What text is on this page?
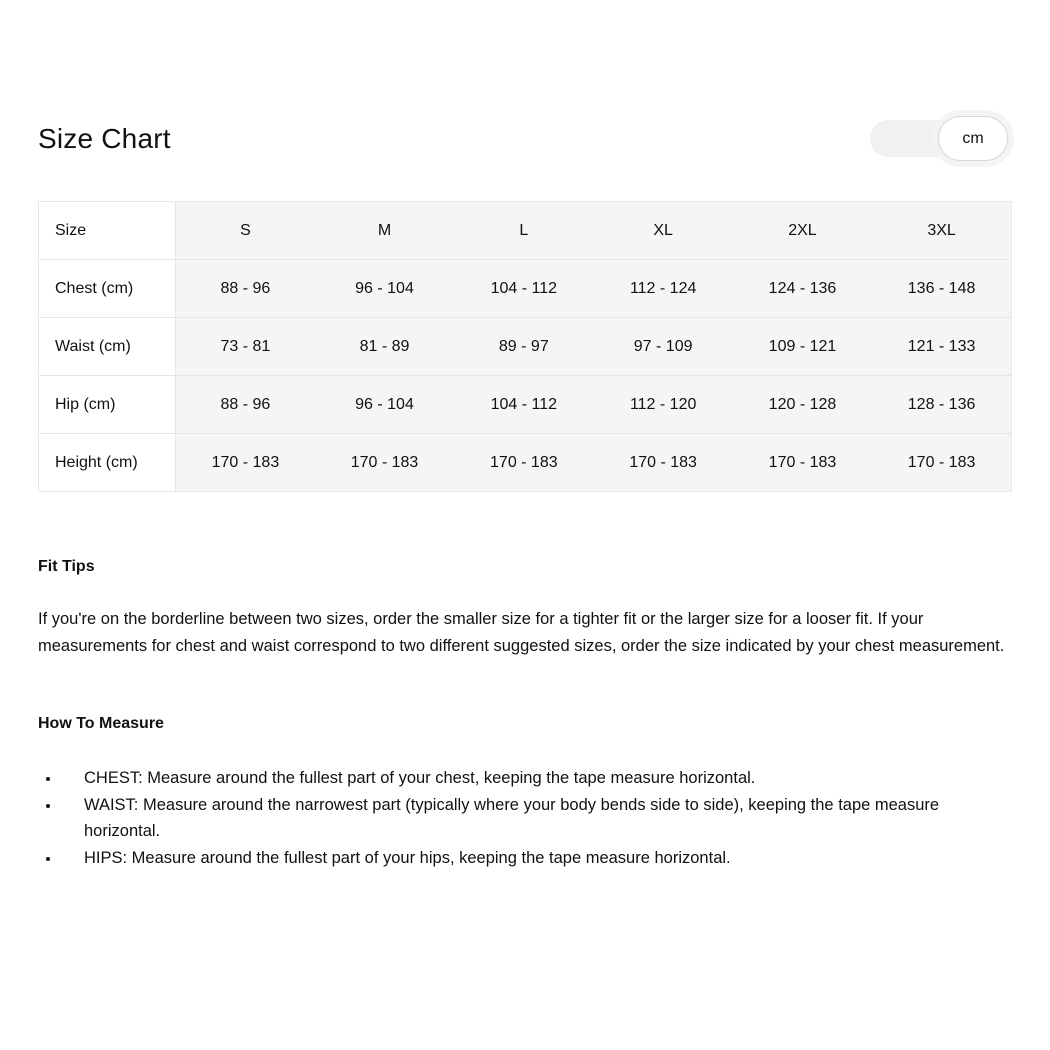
Size Chart	cm
Size	S	M	L	XL	2XL	3XL
Chest (cm)	88 - 96	96 - 104	104 - 112	112 - 124	124 - 136	136 - 148
Waist (cm)	73 - 81	81 - 89	89 - 97	97 - 109	109 - 121	121 - 133
Hip (cm)	88 - 96	96 - 104	104 - 112	112 - 120	120 - 128	128 - 136
Height (cm)	170 - 183	170 - 183	170 - 183	170 - 183	170 - 183	170 - 183
Fit Tips

If you're on the borderline between two sizes, order the smaller size for a tighter fit or the larger size for a looser fit. If your measurements for chest and waist correspond to two different suggested sizes, order the size indicated by your chest measurement.

How To Measure
CHEST: Measure around the fullest part of your chest, keeping the tape measure horizontal.
WAIST: Measure around the narrowest part (typically where your body bends side to side), keeping the tape measure horizontal.
HIPS: Measure around the fullest part of your hips, keeping the tape measure horizontal.
